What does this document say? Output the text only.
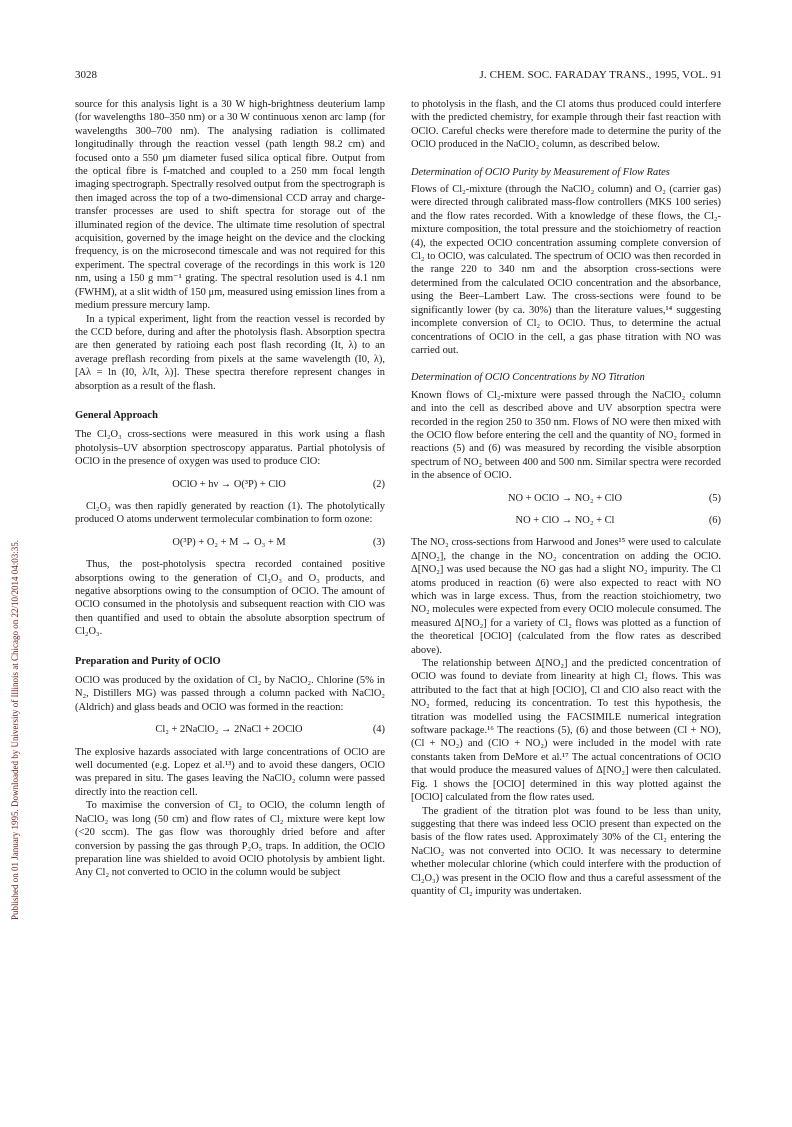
3028	J. CHEM. SOC. FARADAY TRANS., 1995, VOL. 91
Published on 01 January 1995. Downloaded by University of Illinois at Chicago on 22/10/2014 04:03:35.

source for this analysis light is a 30 W high-brightness deuterium lamp (for wavelengths 180–350 nm) or a 30 W continuous xenon arc lamp (for wavelengths 300–700 nm). The analysing radiation is collimated longitudinally through the reaction vessel (path length 98.2 cm) and focused onto a 550 μm diameter fused silica optical fibre. Output from the optical fibre is f-matched and coupled to a 250 mm focal length imaging spectrograph. Spectrally resolved output from the spectrograph is then imaged across the top of a two-dimensional CCD array and charge-transfer processes are used to shift spectra for storage out of the illuminated region of the device. The ultimate time resolution of spectral acquisition, governed by the image height on the device and the clocking frequency, is on the microsecond timescale and was not required for this experiment. The spectral coverage of the recordings in this work is 120 nm, using a 150 g mm⁻¹ grating. The spectral resolution used is 4.1 nm (FWHM), at a slit width of 150 μm, measured using emission lines from a medium pressure mercury lamp.

In a typical experiment, light from the reaction vessel is recorded by the CCD before, during and after the photolysis flash. Absorption spectra are then generated by ratioing each post flash recording (It, λ) to an average preflash recording from pixels at the same wavelength (I0, λ), [Aλ = ln (I0, λ/It, λ)]. These spectra therefore represent changes in absorption as a result of the flash.

General Approach

The Cl₂O₃ cross-sections were measured in this work using a flash photolysis–UV absorption spectroscopy apparatus. Partial photolysis of OClO in the presence of oxygen was used to produce ClO:

OClO + hν → O(³P) + ClO	(2)

Cl₂O₃ was then rapidly generated by reaction (1). The photolytically produced O atoms underwent termolecular combination to form ozone:

O(³P) + O₂ + M → O₃ + M	(3)

Thus, the post-photolysis spectra recorded contained positive absorptions owing to the generation of Cl₂O₃ and O₃ products, and negative absorptions owing to the consumption of OClO. The amount of OClO consumed in the photolysis and subsequent reaction with ClO was then quantified and used to obtain the absolute absorption spectrum of Cl₂O₃.

Preparation and Purity of OClO

OClO was produced by the oxidation of Cl₂ by NaClO₂. Chlorine (5% in N₂, Distillers MG) was passed through a column packed with NaClO₂ (Aldrich) and glass beads and OClO was formed in the reaction:

Cl₂ + 2NaClO₂ → 2NaCl + 2OClO	(4)

The explosive hazards associated with large concentrations of OClO are well documented (e.g. Lopez et al.¹³) and to avoid these dangers, OClO was prepared in situ. The gases leaving the NaClO₂ column were passed directly into the reaction cell.

To maximise the conversion of Cl₂ to OClO, the column length of NaClO₂ was long (50 cm) and flow rates of Cl₂ mixture were kept low (<20 sccm). The gas flow was thoroughly dried before and after conversion by passing the gas through P₂O₅ traps. In addition, the OClO preparation line was shielded to avoid OClO photolysis by ambient light. Any Cl₂ not converted to OClO in the column would be subject

to photolysis in the flash, and the Cl atoms thus produced could interfere with the predicted chemistry, for example through their fast reaction with OClO. Careful checks were therefore made to determine the purity of the OClO produced in the NaClO₂ column, as described below.

Determination of OClO Purity by Measurement of Flow Rates

Flows of Cl₂-mixture (through the NaClO₂ column) and O₂ (carrier gas) were directed through calibrated mass-flow controllers (MKS 100 series) and the flow rates recorded. With a knowledge of these flows, the Cl₂-mixture composition, the total pressure and the stoichiometry of reaction (4), the expected OClO concentration assuming complete conversion of Cl₂ to OClO, was calculated. The spectrum of OClO was then recorded in the range 220 to 340 nm and the absorption cross-sections were determined from the calculated OClO concentration and the absorbance, using the Beer–Lambert Law. The cross-sections were found to be significantly lower (by ca. 30%) than the literature values,¹⁴ suggesting incomplete conversion of Cl₂ to OClO. Thus, to determine the actual concentrations of OClO in the cell, a gas phase titration with NO was carried out.

Determination of OClO Concentrations by NO Titration

Known flows of Cl₂-mixture were passed through the NaClO₂ column and into the cell as described above and UV absorption spectra were recorded in the region 250 to 350 nm. Flows of NO were then mixed with the OClO flow before entering the cell and the quantity of NO₂ formed in reactions (5) and (6) was measured by recording the visible absorption spectrum of NO₂ between 400 and 500 nm. Similar spectra were recorded in the absence of OClO.

NO + OClO → NO₂ + ClO	(5)
NO + ClO → NO₂ + Cl	(6)

The NO₂ cross-sections from Harwood and Jones¹⁵ were used to calculate Δ[NO₂], the change in the NO₂ concentration on adding the OClO. Δ[NO₂] was used because the NO gas had a slight NO₂ impurity. The Cl atoms produced in reaction (6) were also expected to react with NO which was in large excess. Thus, from the reaction stoichiometry, two NO₂ molecules were expected from every OClO molecule consumed. The measured Δ[NO₂] for a variety of Cl₂ flows was plotted as a function of the theoretical [OClO] (calculated from the flow rates as described above).

The relationship between Δ[NO₂] and the predicted concentration of OClO was found to deviate from linearity at high Cl₂ flows. This was attributed to the fact that at high [OClO], Cl and ClO also react with the NO₂ formed, reducing its concentration. To test this hypothesis, the titration was modelled using the FACSIMILE numerical integration software package.¹⁶ The reactions (5), (6) and those between (Cl + NO), (Cl + NO₂) and (ClO + NO₂) were included in the model with rate constants taken from DeMore et al.¹⁷ The actual concentrations of OClO that would produce the measured values of Δ[NO₂] were then calculated. Fig. 1 shows the [OClO] determined in this way plotted against the [OClO] calculated from the flow rates used.

The gradient of the titration plot was found to be less than unity, suggesting that there was indeed less OClO present than expected on the basis of the flow rates used. Approximately 30% of the Cl₂ entering the NaClO₂ was not converted into OClO. It was necessary to determine whether molecular chlorine (which could interfere with the production of Cl₂O₃) was present in the OClO flow and thus a careful assessment of the quantity of Cl₂ impurity was undertaken.
